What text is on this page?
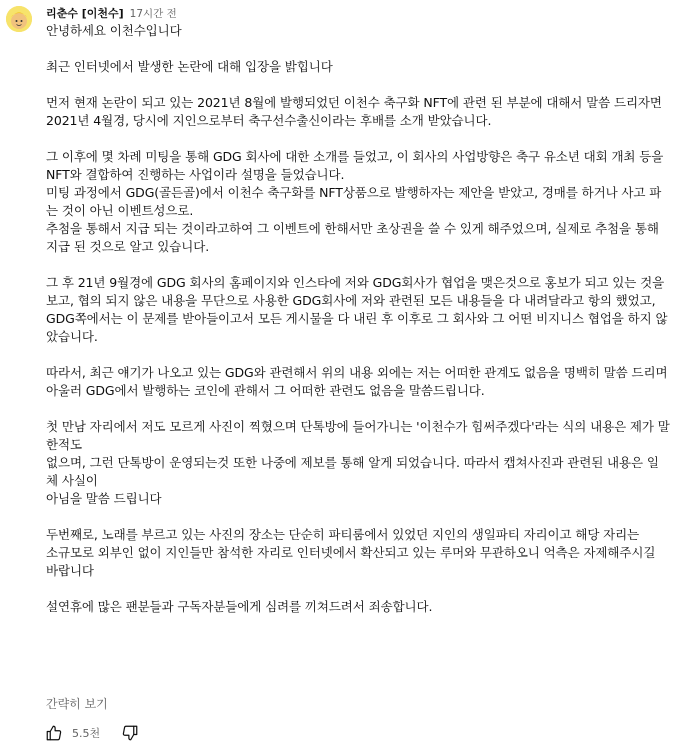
리춘수 [이천수] 17시간 전
안녕하세요 이천수입니다
최근 인터넷에서 발생한 논란에 대해 입장을 밝힙니다
먼저 현재 논란이 되고 있는 2021년 8월에 발행되었던 이천수 축구화 NFT에 관련 된 부분에 대해서 말씀 드리자면
2021년 4월경, 당시에 지인으로부터 축구선수출신이라는 후배를 소개 받았습니다.
그 이후에 몇 차례 미팅을 통해 GDG 회사에 대한 소개를 들었고, 이 회사의 사업방향은 축구 유소년 대회 개최 등을 NFT와 결합하여 진행하는 사업이라 설명을 들었습니다.
미팅 과정에서 GDG(골든골)에서 이천수 축구화를 NFT상품으로 발행하자는 제안을 받았고, 경매를 하거나 사고 파는 것이 아닌 이벤트성으로.
추첨을 통해서 지급 되는 것이라고하여 그 이벤트에 한해서만 초상권을 쓸 수 있게 해주었으며, 실제로 추첨을 통해 지급 된 것으로 알고 있습니다.
그 후 21년 9월경에 GDG 회사의 홈페이지와 인스타에 저와 GDG회사가 협업을 맺은것으로 홍보가 되고 있는 것을
보고, 협의 되지 않은 내용을 무단으로 사용한 GDG회사에 저와 관련된 모든 내용들을 다 내려달라고 항의 했었고,
GDG쪽에서는 이 문제를 받아들이고서 모든 게시물을 다 내린 후 이후로 그 회사와 그 어떤 비지니스 협업을 하지 않았습니다.
따라서, 최근 얘기가 나오고 있는 GDG와 관련해서 위의 내용 외에는 저는 어떠한 관계도 없음을 명백히 말씀 드리며 아울러 GDG에서 발행하는 코인에 관해서 그 어떠한 관련도 없음을 말씀드립니다.
첫 만남 자리에서 저도 모르게 사진이 찍혔으며 단톡방에 들어가니는 '이천수가 힘써주겠다'라는 식의 내용은 제가 말한적도
없으며, 그런 단톡방이 운영되는것 또한 나중에 제보를 통해 알게 되었습니다. 따라서 캡쳐사진과 관련된 내용은 일체 사실이
아님을 말씀 드립니다
두번째로, 노래를 부르고 있는 사진의 장소는 단순히 파티룸에서 있었던 지인의 생일파티 자리이고 해당 자리는
소규모로 외부인 없이 지인들만 참석한 자리로 인터넷에서 확산되고 있는 루머와 무관하오니 억측은 자제해주시길 바랍니다
설연휴에 많은 팬분들과 구독자분들에게 심려를 끼쳐드려서 죄송합니다.
간략히 보기
5.5천
